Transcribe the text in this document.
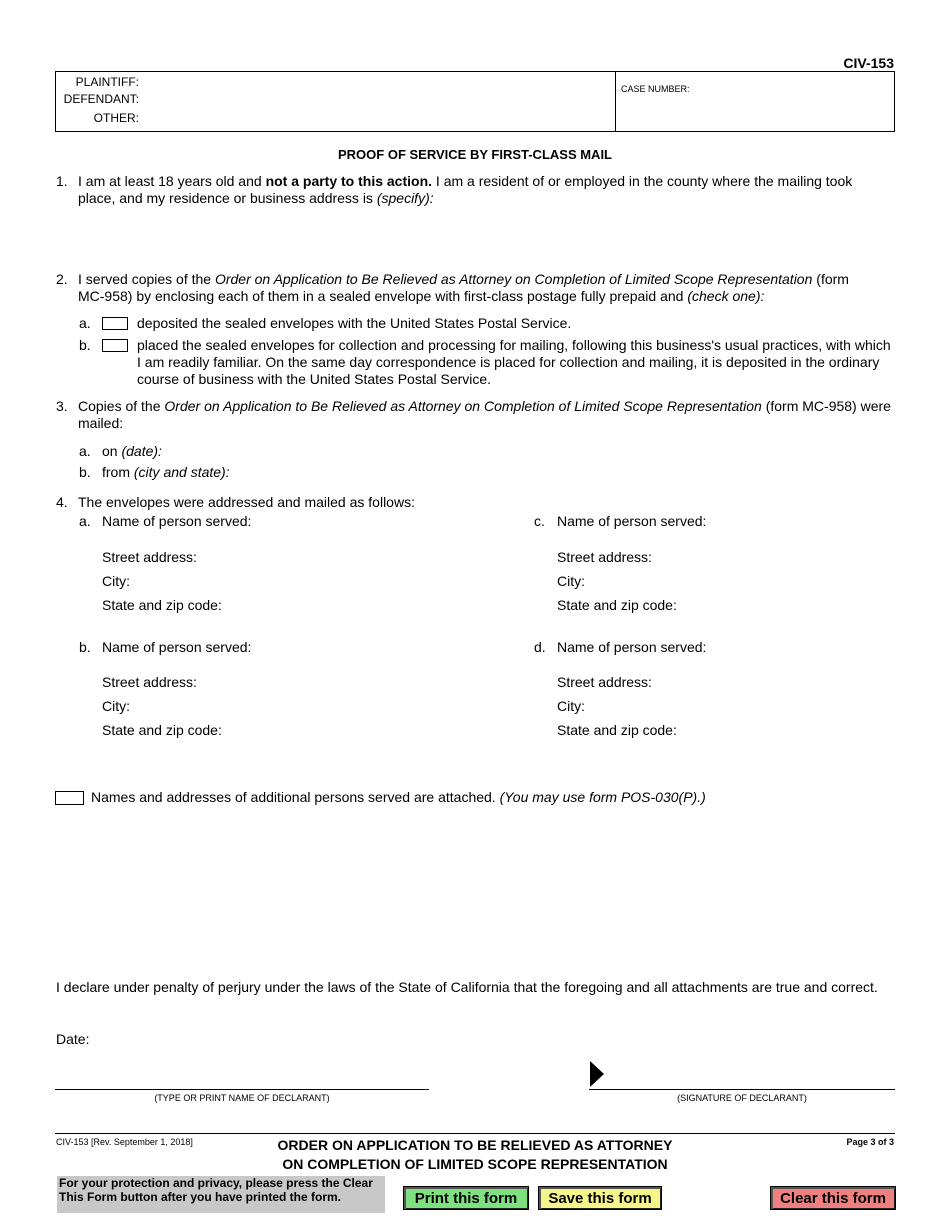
CIV-153
PLAINTIFF:
DEFENDANT:
OTHER:
CASE NUMBER:
PROOF OF SERVICE BY FIRST-CLASS MAIL
1. I am at least 18 years old and not a party to this action. I am a resident of or employed in the county where the mailing took place, and my residence or business address is (specify):

2. I served copies of the Order on Application to Be Relieved as Attorney on Completion of Limited Scope Representation (form MC-958) by enclosing each of them in a sealed envelope with first-class postage fully prepaid and (check one):

a.	deposited the sealed envelopes with the United States Postal Service.
b.	placed the sealed envelopes for collection and processing for mailing, following this business's usual practices, with which I am readily familiar. On the same day correspondence is placed for collection and mailing, it is deposited in the ordinary course of business with the United States Postal Service.

3. Copies of the Order on Application to Be Relieved as Attorney on Completion of Limited Scope Representation (form MC-958) were mailed:

a. on (date):
b. from (city and state):
4. The envelopes were addressed and mailed as follows:
a. Name of person served:
Street address:
City:
State and zip code:
c. Name of person served:
Street address:
City:
State and zip code:
b. Name of person served:
Street address:
City:
State and zip code:
d. Name of person served:
Street address:
City:
State and zip code:
Names and addresses of additional persons served are attached. (You may use form POS-030(P).)
I declare under penalty of perjury under the laws of the State of California that the foregoing and all attachments are true and correct.
Date:
(TYPE OR PRINT NAME OF DECLARANT)	(SIGNATURE OF DECLARANT)
CIV-153 [Rev. September 1, 2018]	ORDER ON APPLICATION TO BE RELIEVED AS ATTORNEY
ON COMPLETION OF LIMITED SCOPE REPRESENTATION
Page 3 of 3
For your protection and privacy, please press the Clear This Form button after you have printed the form.	Print this form	Save this form	Clear this form
